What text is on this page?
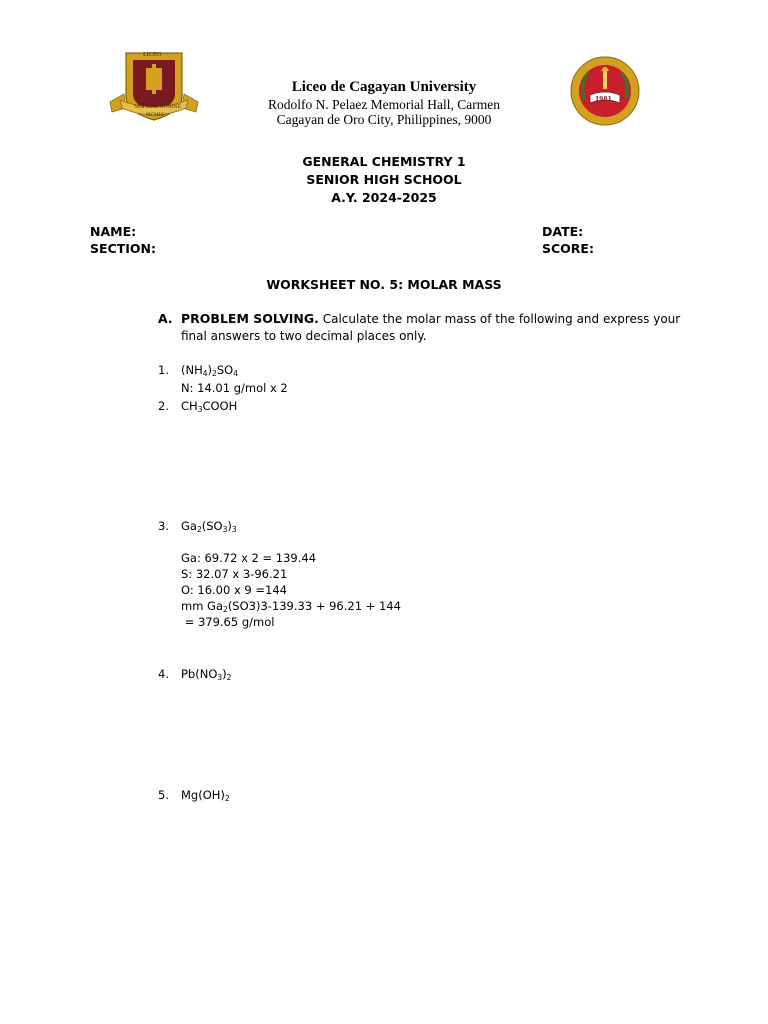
LICEO
NISI SINE NUMINE
MCMLV
1981
Liceo de Cagayan University
Rodolfo N. Pelaez Memorial Hall, Carmen
Cagayan de Oro City, Philippines, 9000
GENERAL CHEMISTRY 1
SENIOR HIGH SCHOOL
A.Y. 2024-2025
NAME:
SECTION:
DATE:
SCORE:
WORKSHEET NO. 5: MOLAR MASS
A. PROBLEM SOLVING. Calculate the molar mass of the following and express your
final answers to two decimal places only.
1. $(NH_4)_2SO_4$
N: 14.01 g/mol x 2
2. $CH_3COOH$
3. $Ga_2(SO_3)_3$
Ga: 69.72 x 2 = 139.44
S: 32.07 x 3-96.21
O: 16.00 x 9 =144
mm $Ga_2(SO3)3-139.33 + 96.21 + 144$
= 379.65 g/mol
4. $Pb(NO_3)_2$
5. $Mg(OH)_2$
